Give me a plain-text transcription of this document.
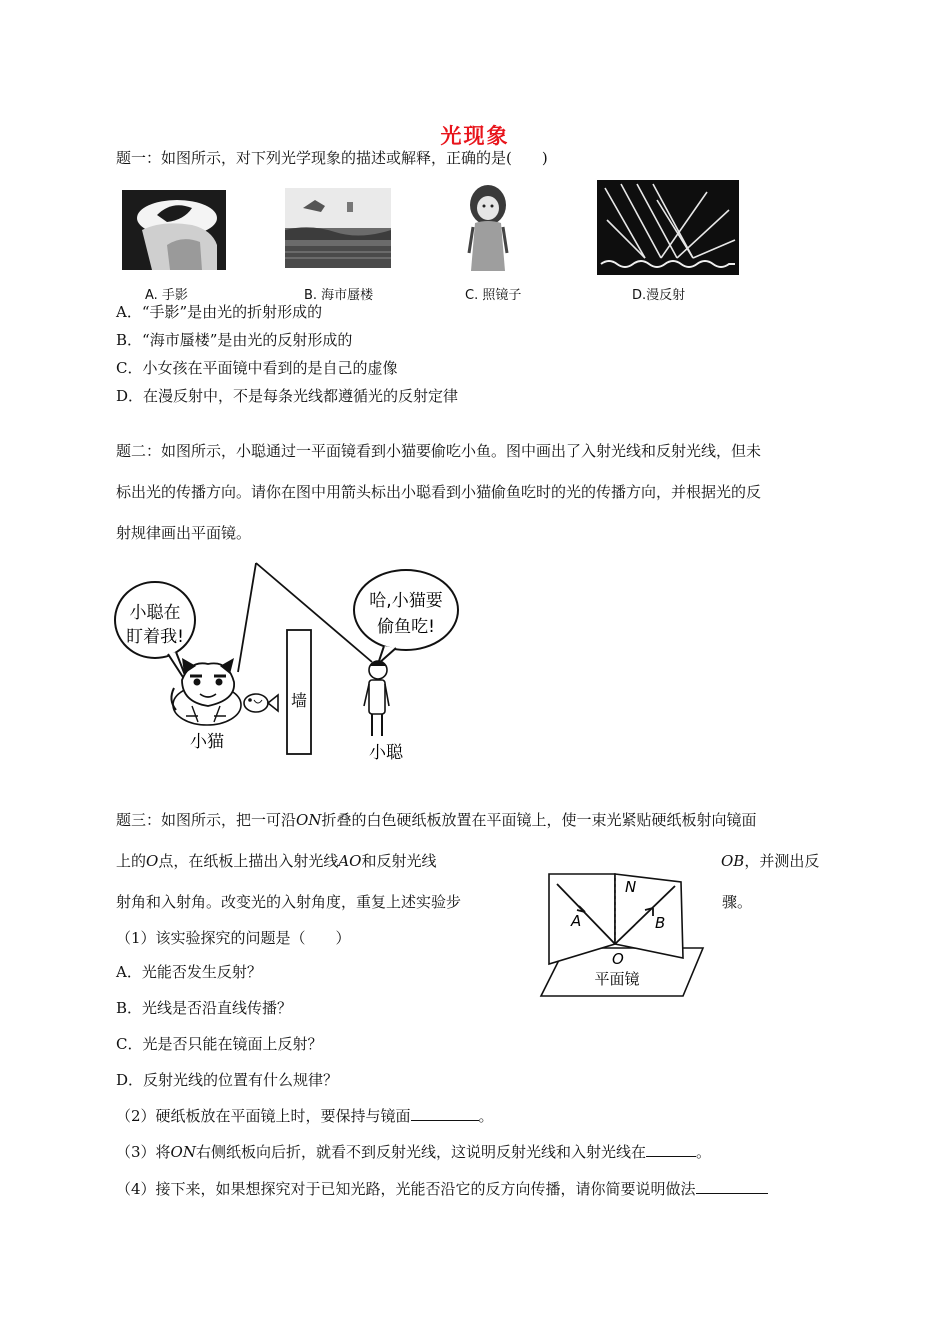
光现象
题一：如图所示，对下列光学现象的描述或解释，正确的是(　　)
A. 手影	B. 海市蜃楼	C. 照镜子	D.漫反射
A．“手影”是由光的折射形成的
B．“海市蜃楼”是由光的反射形成的
C．小女孩在平面镜中看到的是自己的虚像
D．在漫反射中，不是每条光线都遵循光的反射定律
题二：如图所示，小聪通过一平面镜看到小猫要偷吃小鱼。图中画出了入射光线和反射光线，但未
标出光的传播方向。请你在图中用箭头标出小聪看到小猫偷鱼吃时的光的传播方向，并根据光的反
射规律画出平面镜。
墙
小聪在
盯着我!
小猫
哈,小猫要
偷鱼吃!
小聪
题三：如图所示，把一可沿ON折叠的白色硬纸板放置在平面镜上，使一束光紧贴硬纸板射向镜面
上的O点，在纸板上描出入射光线AO和反射光线	OB，并测出反
射角和入射角。改变光的入射角度，重复上述实验步	骤。
N
A	B
O
平面镜
（1）该实验探究的问题是（　　）
A．光能否发生反射？
B．光线是否沿直线传播？
C．光是否只能在镜面上反射？
D．反射光线的位置有什么规律？
（2）硬纸板放在平面镜上时，要保持与镜面	。
（3）将ON右侧纸板向后折，就看不到反射光线，这说明反射光线和入射光线在	。
（4）接下来，如果想探究对于已知光路，光能否沿它的反方向传播，请你简要说明做法
